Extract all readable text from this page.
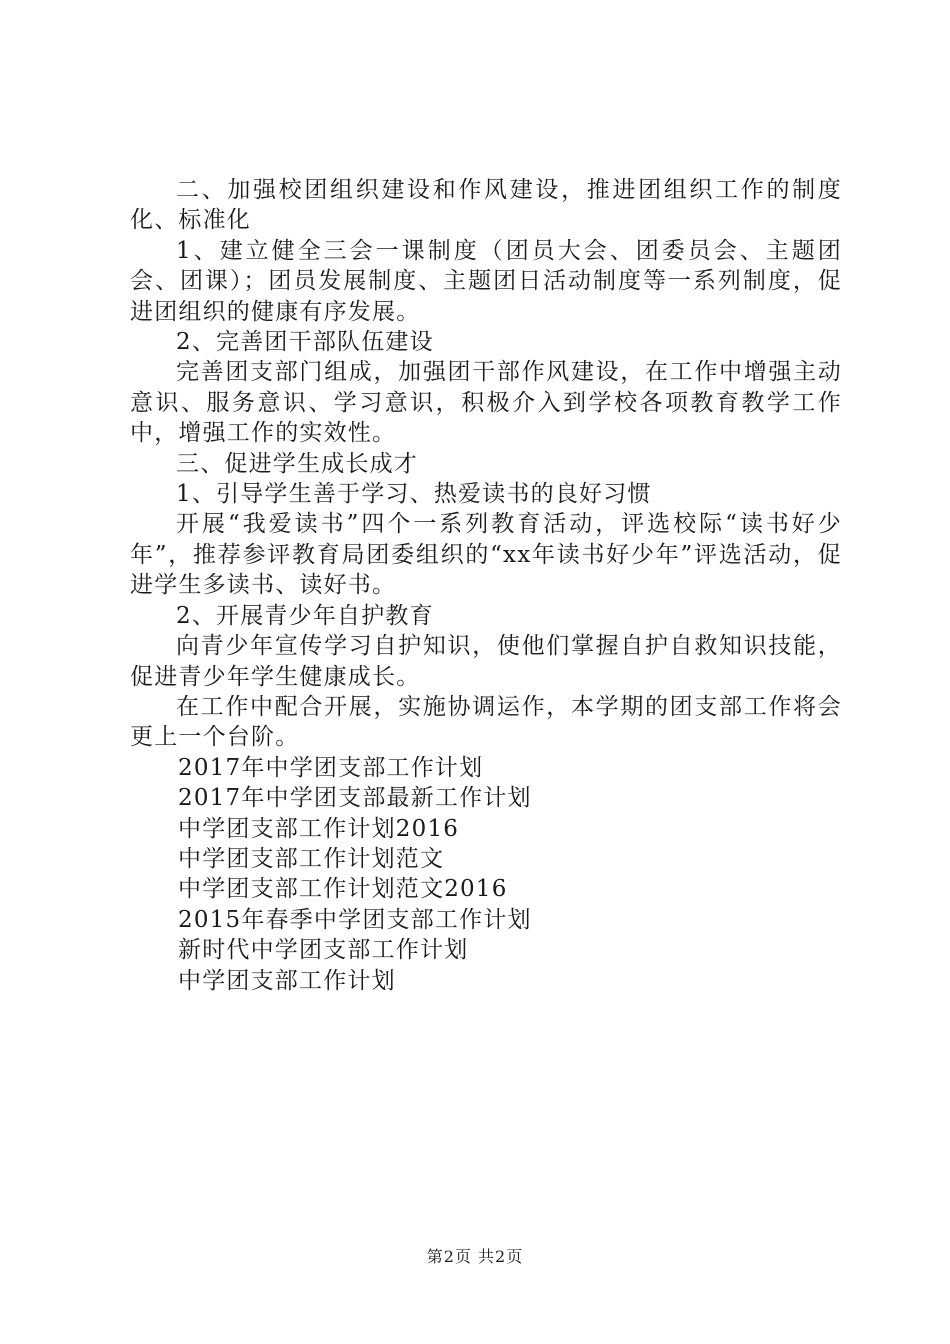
二、加强校团组织建设和作风建设，推进团组织工作的制度化、标准化

1、建立健全三会一课制度（团员大会、团委员会、主题团会、团课）；团员发展制度、主题团日活动制度等一系列制度，促进团组织的健康有序发展。

2、完善团干部队伍建设

完善团支部门组成，加强团干部作风建设，在工作中增强主动意识、服务意识、学习意识，积极介入到学校各项教育教学工作中，增强工作的实效性。

三、促进学生成长成才

1、引导学生善于学习、热爱读书的良好习惯

开展“我爱读书”四个一系列教育活动，评选校际“读书好少年”，推荐参评教育局团委组织的“xx年读书好少年”评选活动，促进学生多读书、读好书。

2、开展青少年自护教育

向青少年宣传学习自护知识，使他们掌握自护自救知识技能，促进青少年学生健康成长。

在工作中配合开展，实施协调运作，本学期的团支部工作将会更上一个台阶。

2017年中学团支部工作计划

2017年中学团支部最新工作计划

中学团支部工作计划2016

中学团支部工作计划范文

中学团支部工作计划范文2016

2015年春季中学团支部工作计划

新时代中学团支部工作计划

中学团支部工作计划

第2页 共2页
